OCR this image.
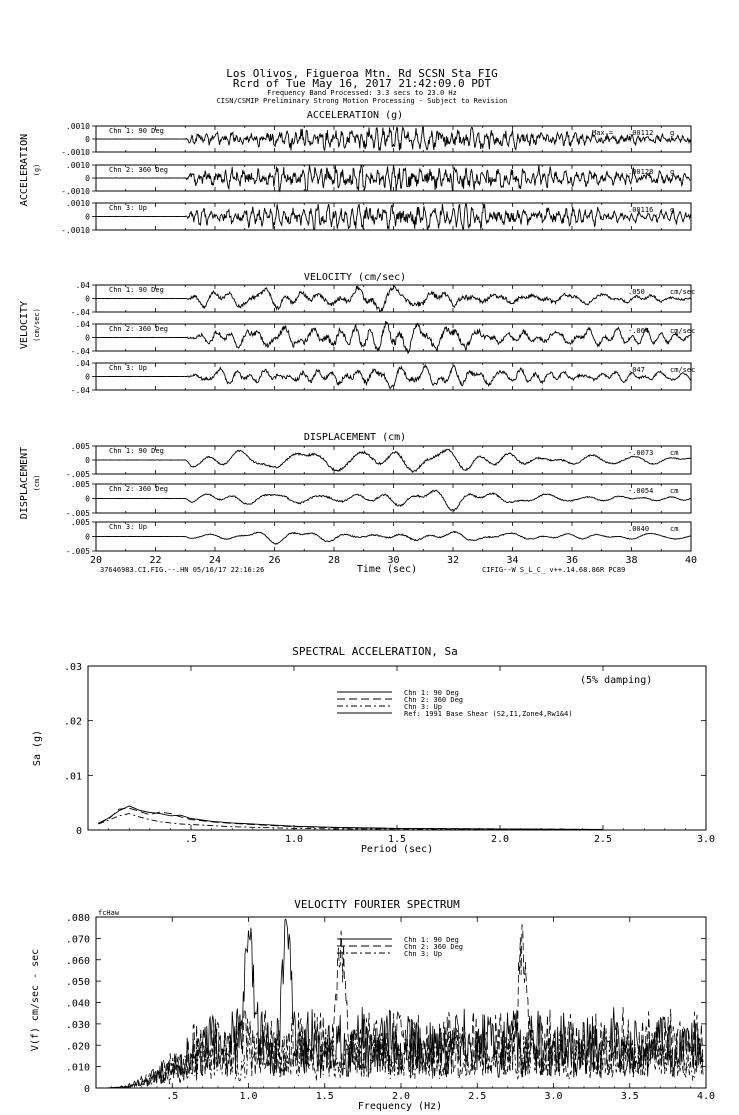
Los Olivos, Figueroa Mtn. Rd SCSN Sta FIG
Rcrd of Tue May 16, 2017 21:42:09.0 PDT
Frequency Band Processed: 3.3 secs to 23.0 Hz
CISN/CSMIP Preliminary Strong Motion Processing - Subject to Revision
ACCELERATION (g)
ACCELERATION (g)
.0010
0
-.0010
Chn 1: 90 Deg	Max = .00112 g
.0010
0
-.0010
Chn 2: 360 Deg	.00128 g
.0010
0
-.0010
Chn 3: Up	.00116 g
VELOCITY (cm/sec)
VELOCITY (cm/sec)
.04
0
-.04
Chn 1: 90 Deg	.050	cm/sec
.04
0
-.04
Chn 2: 360 Deg	-.064	cm/sec
.04
0
-.04
Chn 3: Up	.047	cm/sec
DISPLACEMENT (cm)
DISPLACEMENT (cm)
.005
0
-.005
Chn 1: 90 Deg	-.0073 cm
.005
0
-.005
Chn 2: 360 Deg	-.0054 cm
.005
0
-.005
Chn 3: Up	.0040	cm
20	22	24	26	28	30	32	34	36	38	40
Time (sec)
37646983.CI.FIG.--.HN 05/16/17 22:16:26	CIFIG--W S_L_C_ v++.14.68.86R PC89
SPECTRAL ACCELERATION, Sa
.5	1.0	1.5	2.0	2.5	3.0
.03
.02
.01
0
Period (sec)
Sa (g)
(5% damping)
Chn 1: 90 Deg
Chn 2: 360 Deg
Chn 3: Up
Ref: 1991 Base Shear (S2,I1,Zone4,Rw1&4)
VELOCITY FOURIER SPECTRUM
fcHaw
.5	1.0	1.5	2.0	2.5	3.0	3.5	4.0
.080
.070
.060
.050
.040
.030
.020
.010
0
Frequency (Hz)
V(f) cm/sec - sec
Chn 1: 90 Deg
Chn 2: 360 Deg
Chn 3: Up
